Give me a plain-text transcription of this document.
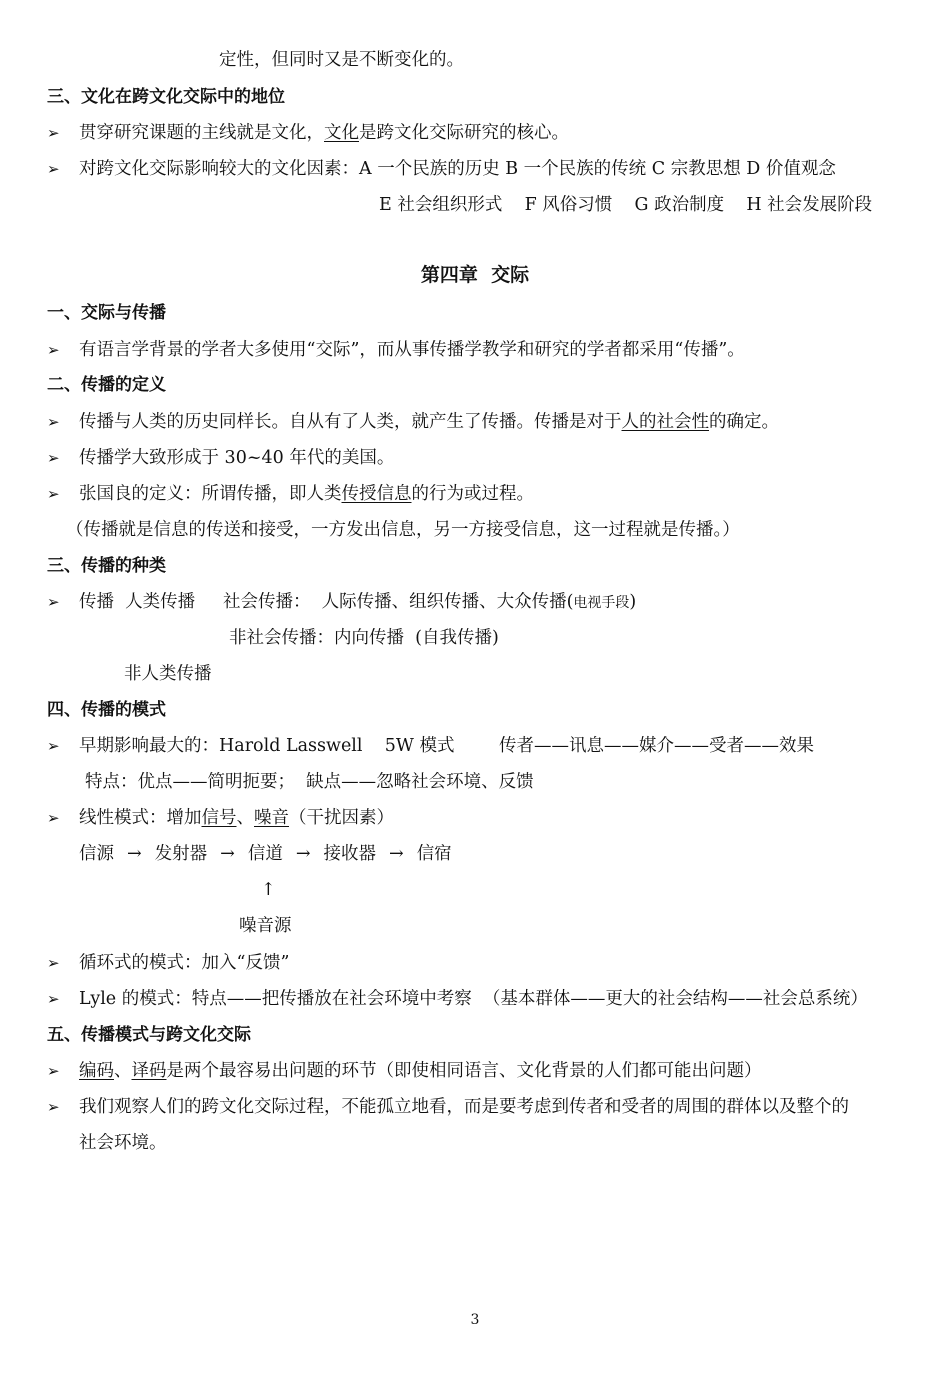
定性，但同时又是不断变化的。
三、文化在跨文化交际中的地位
➢ 贯穿研究课题的主线就是文化，文化是跨文化交际研究的核心。
➢ 对跨文化交际影响较大的文化因素：A 一个民族的历史 B 一个民族的传统 C 宗教思想 D 价值观念
E 社会组织形式    F 风俗习惯    G 政治制度    H 社会发展阶段
第四章  交际
一、交际与传播
➢ 有语言学背景的学者大多使用“交际”，而从事传播学教学和研究的学者都采用“传播”。
二、传播的定义
➢ 传播与人类的历史同样长。自从有了人类，就产生了传播。传播是对于人的社会性的确定。
➢ 传播学大致形成于 30~40 年代的美国。
➢ 张国良的定义：所谓传播，即人类传授信息的行为或过程。
（传播就是信息的传送和接受，一方发出信息，另一方接受信息，这一过程就是传播。）
三、传播的种类
➢ 传播  人类传播     社会传播：  人际传播、组织传播、大众传播(电视手段)
非社会传播：内向传播  (自我传播)
非人类传播
四、传播的模式
➢ 早期影响最大的：Harold Lasswell    5W 模式        传者——讯息——媒介——受者——效果
特点：优点——简明扼要；  缺点——忽略社会环境、反馈
➢ 线性模式：增加信号、噪音（干扰因素）
信源 → 发射器 → 信道 → 接收器 → 信宿
↑
噪音源
➢ 循环式的模式：加入“反馈”
➢ Lyle 的模式：特点——把传播放在社会环境中考察  （基本群体——更大的社会结构——社会总系统）
五、传播模式与跨文化交际
➢ 编码、译码是两个最容易出问题的环节（即使相同语言、文化背景的人们都可能出问题）
➢ 我们观察人们的跨文化交际过程，不能孤立地看，而是要考虑到传者和受者的周围的群体以及整个的
社会环境。
3
